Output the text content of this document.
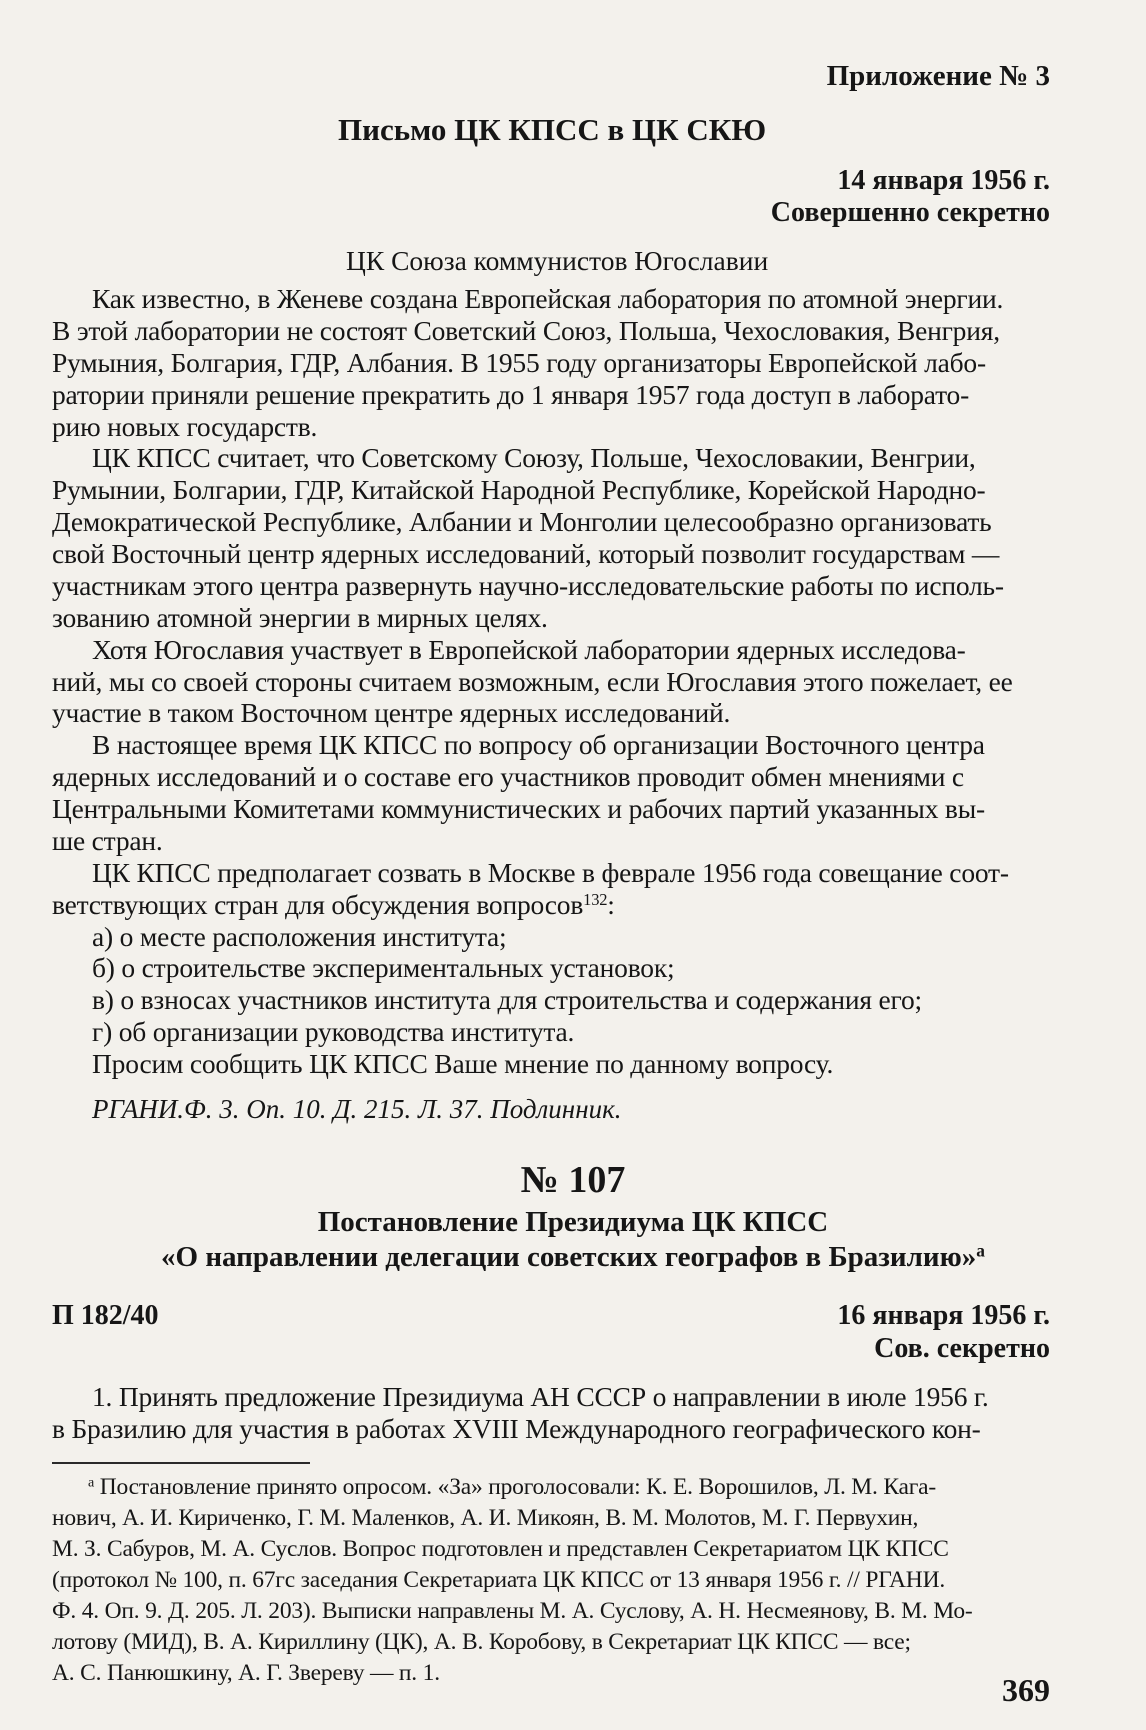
Приложение № 3
Письмо ЦК КПСС в ЦК СКЮ
14 января 1956 г.
Совершенно секретно
ЦК Союза коммунистов Югославии
Как известно, в Женеве создана Европейская лаборатория по атомной энергии.
В этой лаборатории не состоят Советский Союз, Польша, Чехословакия, Венгрия,
Румыния, Болгария, ГДР, Албания. В 1955 году организаторы Европейской лабо-
ратории приняли решение прекратить до 1 января 1957 года доступ в лаборато-
рию новых государств.
ЦК КПСС считает, что Советскому Союзу, Польше, Чехословакии, Венгрии,
Румынии, Болгарии, ГДР, Китайской Народной Республике, Корейской Народно-
Демократической Республике, Албании и Монголии целесообразно организовать
свой Восточный центр ядерных исследований, который позволит государствам —
участникам этого центра развернуть научно-исследовательские работы по исполь-
зованию атомной энергии в мирных целях.
Хотя Югославия участвует в Европейской лаборатории ядерных исследова-
ний, мы со своей стороны считаем возможным, если Югославия этого пожелает, ее
участие в таком Восточном центре ядерных исследований.
В настоящее время ЦК КПСС по вопросу об организации Восточного центра
ядерных исследований и о составе его участников проводит обмен мнениями с
Центральными Комитетами коммунистических и рабочих партий указанных вы-
ше стран.
ЦК КПСС предполагает созвать в Москве в феврале 1956 года совещание соот-
ветствующих стран для обсуждения вопросов$^{132}$:
а) о месте расположения института;
б) о строительстве экспериментальных установок;
в) о взносах участников института для строительства и содержания его;
г) об организации руководства института.
Просим сообщить ЦК КПСС Ваше мнение по данному вопросу.
РГАНИ.Ф. 3. Оп. 10. Д. 215. Л. 37. Подлинник.
№ 107
Постановление Президиума ЦК КПСС
«О направлении делегации советских географов в Бразилию»$^а$
П 182/40	16 января 1956 г.
Сов. секретно
1. Принять предложение Президиума АН СССР о направлении в июле 1956 г.
в Бразилию для участия в работах XVIII Международного географического кон-
$^а$ Постановление принято опросом. «За» проголосовали: К. Е. Ворошилов, Л. М. Кага-
нович, А. И. Кириченко, Г. М. Маленков, А. И. Микоян, В. М. Молотов, М. Г. Первухин,
М. З. Сабуров, М. А. Суслов. Вопрос подготовлен и представлен Секретариатом ЦК КПСС
(протокол № 100, п. 67гс заседания Секретариата ЦК КПСС от 13 января 1956 г. // РГАНИ.
Ф. 4. Оп. 9. Д. 205. Л. 203). Выписки направлены М. А. Суслову, А. Н. Несмеянову, В. М. Мо-
лотову (МИД), В. А. Кириллину (ЦК), А. В. Коробову, в Секретариат ЦК КПСС — все;
А. С. Панюшкину, А. Г. Звереву — п. 1.	369
